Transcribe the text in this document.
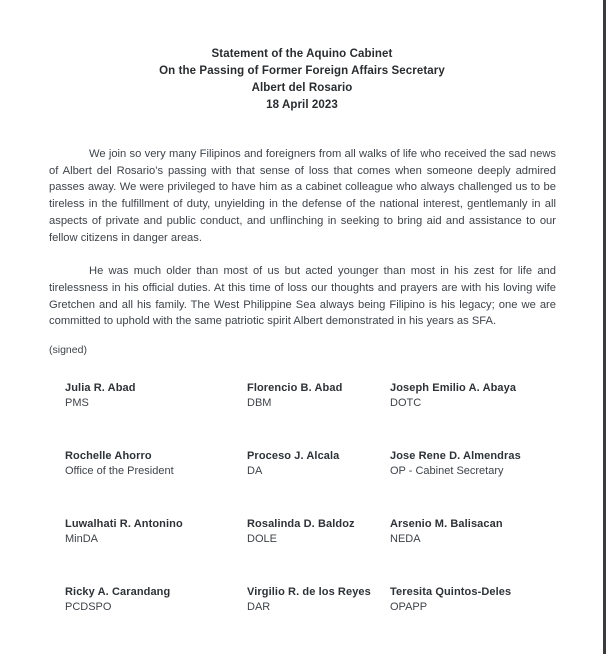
Statement of the Aquino Cabinet
On the Passing of Former Foreign Affairs Secretary
Albert del Rosario
18 April 2023

We join so very many Filipinos and foreigners from all walks of life who received the sad news of Albert del Rosario’s passing with that sense of loss that comes when someone deeply admired passes away. We were privileged to have him as a cabinet colleague who always challenged us to be tireless in the fulfillment of duty, unyielding in the defense of the national interest, gentlemanly in all aspects of private and public conduct, and unflinching in seeking to bring aid and assistance to our fellow citizens in danger areas.

He was much older than most of us but acted younger than most in his zest for life and tirelessness in his official duties. At this time of loss our thoughts and prayers are with his loving wife Gretchen and all his family. The West Philippine Sea always being Filipino is his legacy; one we are committed to uphold with the same patriotic spirit Albert demonstrated in his years as SFA.

(signed)
Julia R. Abad
PMS
Florencio B. Abad
DBM
Joseph Emilio A. Abaya
DOTC
Rochelle Ahorro
Office of the President
Proceso J. Alcala
DA
Jose Rene D. Almendras
OP - Cabinet Secretary
Luwalhati R. Antonino
MinDA
Rosalinda D. Baldoz
DOLE
Arsenio M. Balisacan
NEDA
Ricky A. Carandang
PCDSPO
Virgilio R. de los Reyes
DAR
Teresita Quintos-Deles
OPAPP
